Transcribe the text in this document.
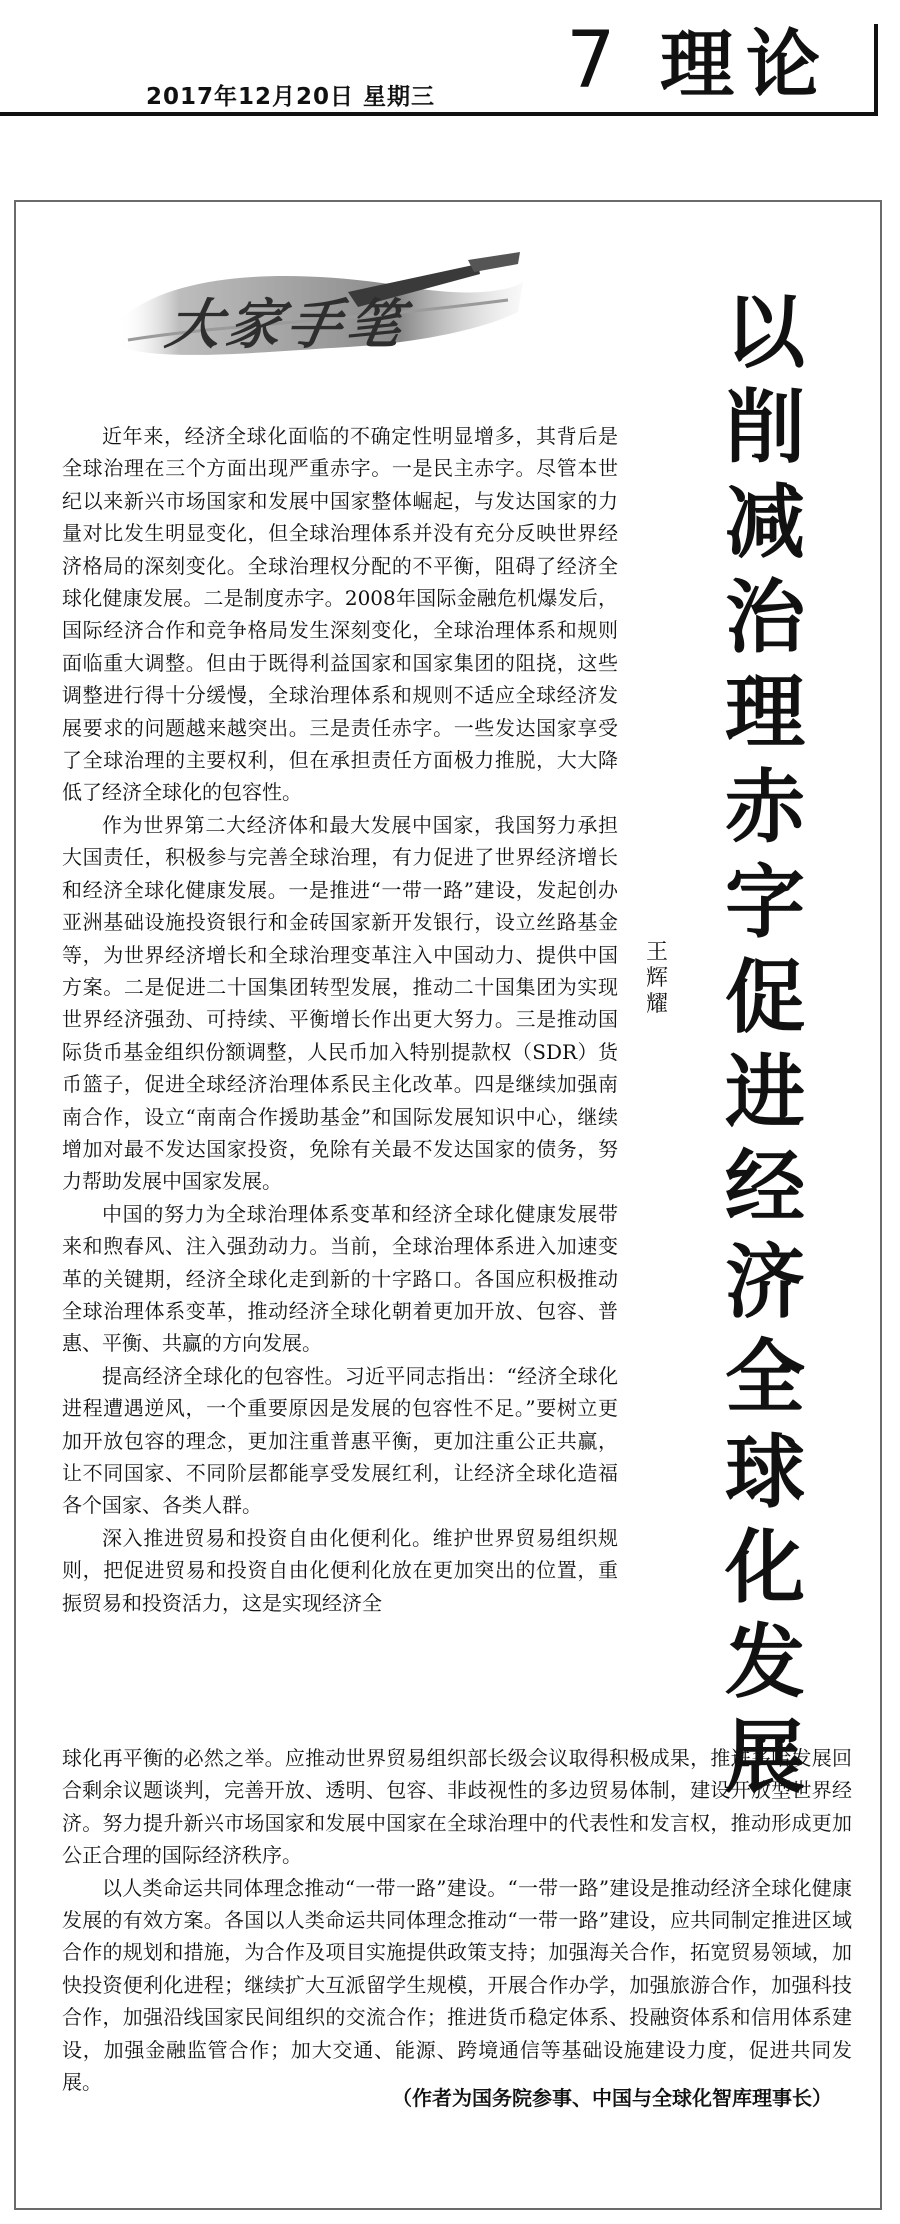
2017年12月20日 星期三 7 理论
大家手笔	以削减治理赤字促进经济全球化发展
王辉耀

近年来，经济全球化面临的不确定性明显增多，其背后是全球治理在三个方面出现严重赤字。一是民主赤字。尽管本世纪以来新兴市场国家和发展中国家整体崛起，与发达国家的力量对比发生明显变化，但全球治理体系并没有充分反映世界经济格局的深刻变化。全球治理权分配的不平衡，阻碍了经济全球化健康发展。二是制度赤字。2008年国际金融危机爆发后，国际经济合作和竞争格局发生深刻变化，全球治理体系和规则面临重大调整。但由于既得利益国家和国家集团的阻挠，这些调整进行得十分缓慢，全球治理体系和规则不适应全球经济发展要求的问题越来越突出。三是责任赤字。一些发达国家享受了全球治理的主要权利，但在承担责任方面极力推脱，大大降低了经济全球化的包容性。

作为世界第二大经济体和最大发展中国家，我国努力承担大国责任，积极参与完善全球治理，有力促进了世界经济增长和经济全球化健康发展。一是推进“一带一路”建设，发起创办亚洲基础设施投资银行和金砖国家新开发银行，设立丝路基金等，为世界经济增长和全球治理变革注入中国动力、提供中国方案。二是促进二十国集团转型发展，推动二十国集团为实现世界经济强劲、可持续、平衡增长作出更大努力。三是推动国际货币基金组织份额调整，人民币加入特别提款权（SDR）货币篮子，促进全球经济治理体系民主化改革。四是继续加强南南合作，设立“南南合作援助基金”和国际发展知识中心，继续增加对最不发达国家投资，免除有关最不发达国家的债务，努力帮助发展中国家发展。

中国的努力为全球治理体系变革和经济全球化健康发展带来和煦春风、注入强劲动力。当前，全球治理体系进入加速变革的关键期，经济全球化走到新的十字路口。各国应积极推动全球治理体系变革，推动经济全球化朝着更加开放、包容、普惠、平衡、共赢的方向发展。

提高经济全球化的包容性。习近平同志指出：“经济全球化进程遭遇逆风，一个重要原因是发展的包容性不足。”要树立更加开放包容的理念，更加注重普惠平衡，更加注重公正共赢，让不同国家、不同阶层都能享受发展红利，让经济全球化造福各个国家、各类人群。

深入推进贸易和投资自由化便利化。维护世界贸易组织规则，把促进贸易和投资自由化便利化放在更加突出的位置，重振贸易和投资活力，这是实现经济全

球化再平衡的必然之举。应推动世界贸易组织部长级会议取得积极成果，推进多哈发展回合剩余议题谈判，完善开放、透明、包容、非歧视性的多边贸易体制，建设开放型世界经济。努力提升新兴市场国家和发展中国家在全球治理中的代表性和发言权，推动形成更加公正合理的国际经济秩序。

以人类命运共同体理念推动“一带一路”建设。“一带一路”建设是推动经济全球化健康发展的有效方案。各国以人类命运共同体理念推动“一带一路”建设，应共同制定推进区域合作的规划和措施，为合作及项目实施提供政策支持；加强海关合作，拓宽贸易领域，加快投资便利化进程；继续扩大互派留学生规模，开展合作办学，加强旅游合作，加强科技合作，加强沿线国家民间组织的交流合作；推进货币稳定体系、投融资体系和信用体系建设，加强金融监管合作；加大交通、能源、跨境通信等基础设施建设力度，促进共同发展。

（作者为国务院参事、中国与全球化智库理事长）
